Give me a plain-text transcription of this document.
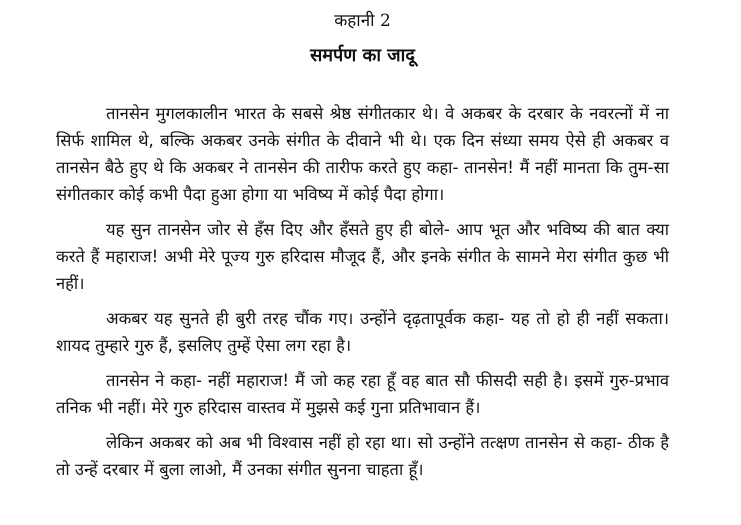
कहानी 2

समर्पण का जादू

तानसेन मुगलकालीन भारत के सबसे श्रेष्ठ संगीतकार थे। वे अकबर के दरबार के नवरत्नों में ना सिर्फ शामिल थे, बल्कि अकबर उनके संगीत के दीवाने भी थे। एक दिन संध्या समय ऐसे ही अकबर व तानसेन बैठे हुए थे कि अकबर ने तानसेन की तारीफ करते हुए कहा- तानसेन! मैं नहीं मानता कि तुम-सा संगीतकार कोई कभी पैदा हुआ होगा या भविष्य में कोई पैदा होगा।

यह सुन तानसेन जोर से हँस दिए और हँसते हुए ही बोले- आप भूत और भविष्य की बात क्या करते हैं महाराज! अभी मेरे पूज्य गुरु हरिदास मौजूद हैं, और इनके संगीत के सामने मेरा संगीत कुछ भी नहीं।

अकबर यह सुनते ही बुरी तरह चौंक गए। उन्होंने दृढ़तापूर्वक कहा- यह तो हो ही नहीं सकता। शायद तुम्हारे गुरु हैं, इसलिए तुम्हें ऐसा लग रहा है।

तानसेन ने कहा- नहीं महाराज! मैं जो कह रहा हूँ वह बात सौ फीसदी सही है। इसमें गुरु-प्रभाव तनिक भी नहीं। मेरे गुरु हरिदास वास्तव में मुझसे कई गुना प्रतिभावान हैं।

लेकिन अकबर को अब भी विश्वास नहीं हो रहा था। सो उन्होंने तत्क्षण तानसेन से कहा- ठीक है तो उन्हें दरबार में बुला लाओ, मैं उनका संगीत सुनना चाहता हूँ।
